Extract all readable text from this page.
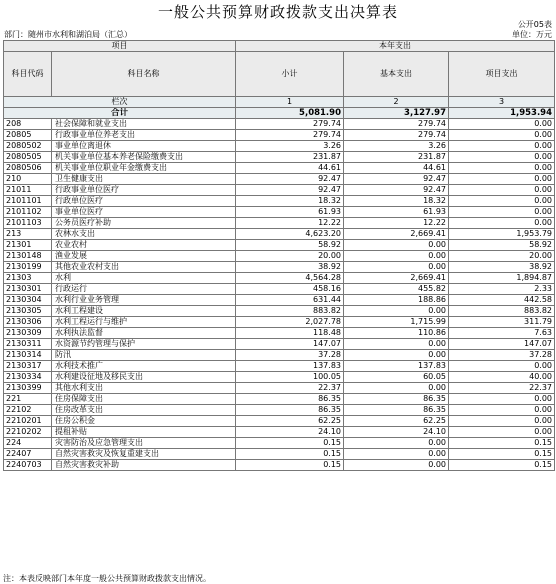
一般公共预算财政拨款支出决算表
公开05表
部门：随州市水利和湖泊局（汇总）	单位：万元
项目		本年支出		
科目代码	科目名称	小计	基本支出	项目支出
栏次		1	2	3
合计		5,081.90	3,127.97	1,953.94
208	社会保障和就业支出	279.74	279.74	0.00
20805	行政事业单位养老支出	279.74	279.74	0.00
2080502	事业单位离退休	3.26	3.26	0.00
2080505	机关事业单位基本养老保险缴费支出	231.87	231.87	0.00
2080506	机关事业单位职业年金缴费支出	44.61	44.61	0.00
210	卫生健康支出	92.47	92.47	0.00
21011	行政事业单位医疗	92.47	92.47	0.00
2101101	行政单位医疗	18.32	18.32	0.00
2101102	事业单位医疗	61.93	61.93	0.00
2101103	公务员医疗补助	12.22	12.22	0.00
213	农林水支出	4,623.20	2,669.41	1,953.79
21301	农业农村	58.92	0.00	58.92
2130148	渔业发展	20.00	0.00	20.00
2130199	其他农业农村支出	38.92	0.00	38.92
21303	水利	4,564.28	2,669.41	1,894.87
2130301	行政运行	458.16	455.82	2.33
2130304	水利行业业务管理	631.44	188.86	442.58
2130305	水利工程建设	883.82	0.00	883.82
2130306	水利工程运行与维护	2,027.78	1,715.99	311.79
2130309	水利执法监督	118.48	110.86	7.63
2130311	水资源节约管理与保护	147.07	0.00	147.07
2130314	防汛	37.28	0.00	37.28
2130317	水利技术推广	137.83	137.83	0.00
2130334	水利建设征地及移民支出	100.05	60.05	40.00
2130399	其他水利支出	22.37	0.00	22.37
221	住房保障支出	86.35	86.35	0.00
22102	住房改革支出	86.35	86.35	0.00
2210201	住房公积金	62.25	62.25	0.00
2210202	提租补贴	24.10	24.10	0.00
224	灾害防治及应急管理支出	0.15	0.00	0.15
22407	自然灾害救灾及恢复重建支出	0.15	0.00	0.15
2240703	自然灾害救灾补助	0.15	0.00	0.15
注：本表反映部门本年度一般公共预算财政拨款支出情况。
